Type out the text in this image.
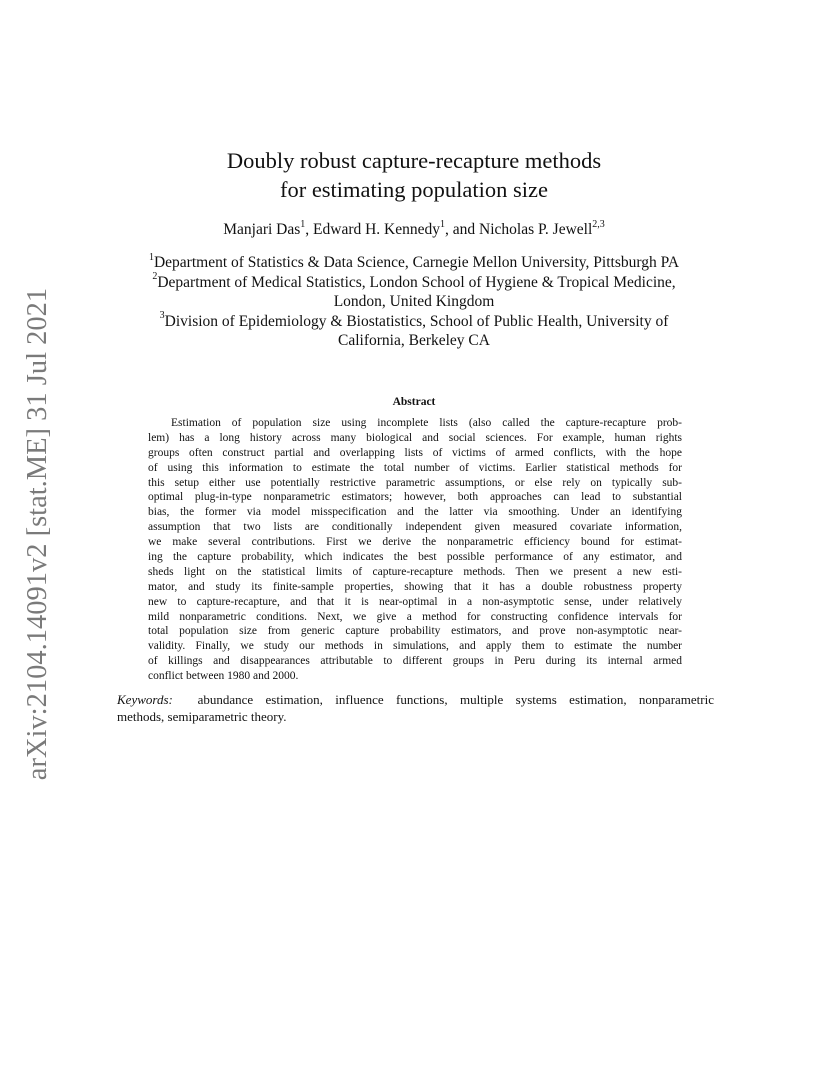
arXiv:2104.14091v2 [stat.ME] 31 Jul 2021
Doubly robust capture-recapture methods
for estimating population size
Manjari Das$^1$, Edward H. Kennedy$^1$, and Nicholas P. Jewell$^{2,3}$
$^1$Department of Statistics & Data Science, Carnegie Mellon University, Pittsburgh PA
$^2$Department of Medical Statistics, London School of Hygiene & Tropical Medicine,
London, United Kingdom
$^3$Division of Epidemiology & Biostatistics, School of Public Health, University of
California, Berkeley CA
Abstract
Estimation of population size using incomplete lists (also called the capture-recapture prob-
lem) has a long history across many biological and social sciences. For example, human rights
groups often construct partial and overlapping lists of victims of armed conflicts, with the hope
of using this information to estimate the total number of victims. Earlier statistical methods for
this setup either use potentially restrictive parametric assumptions, or else rely on typically sub-
optimal plug-in-type nonparametric estimators; however, both approaches can lead to substantial
bias, the former via model misspecification and the latter via smoothing. Under an identifying
assumption that two lists are conditionally independent given measured covariate information,
we make several contributions. First we derive the nonparametric efficiency bound for estimat-
ing the capture probability, which indicates the best possible performance of any estimator, and
sheds light on the statistical limits of capture-recapture methods. Then we present a new esti-
mator, and study its finite-sample properties, showing that it has a double robustness property
new to capture-recapture, and that it is near-optimal in a non-asymptotic sense, under relatively
mild nonparametric conditions. Next, we give a method for constructing confidence intervals for
total population size from generic capture probability estimators, and prove non-asymptotic near-
validity. Finally, we study our methods in simulations, and apply them to estimate the number
of killings and disappearances attributable to different groups in Peru during its internal armed
conflict between 1980 and 2000.
Keywords: abundance estimation, influence functions, multiple systems estimation, nonparametric
methods, semiparametric theory.
